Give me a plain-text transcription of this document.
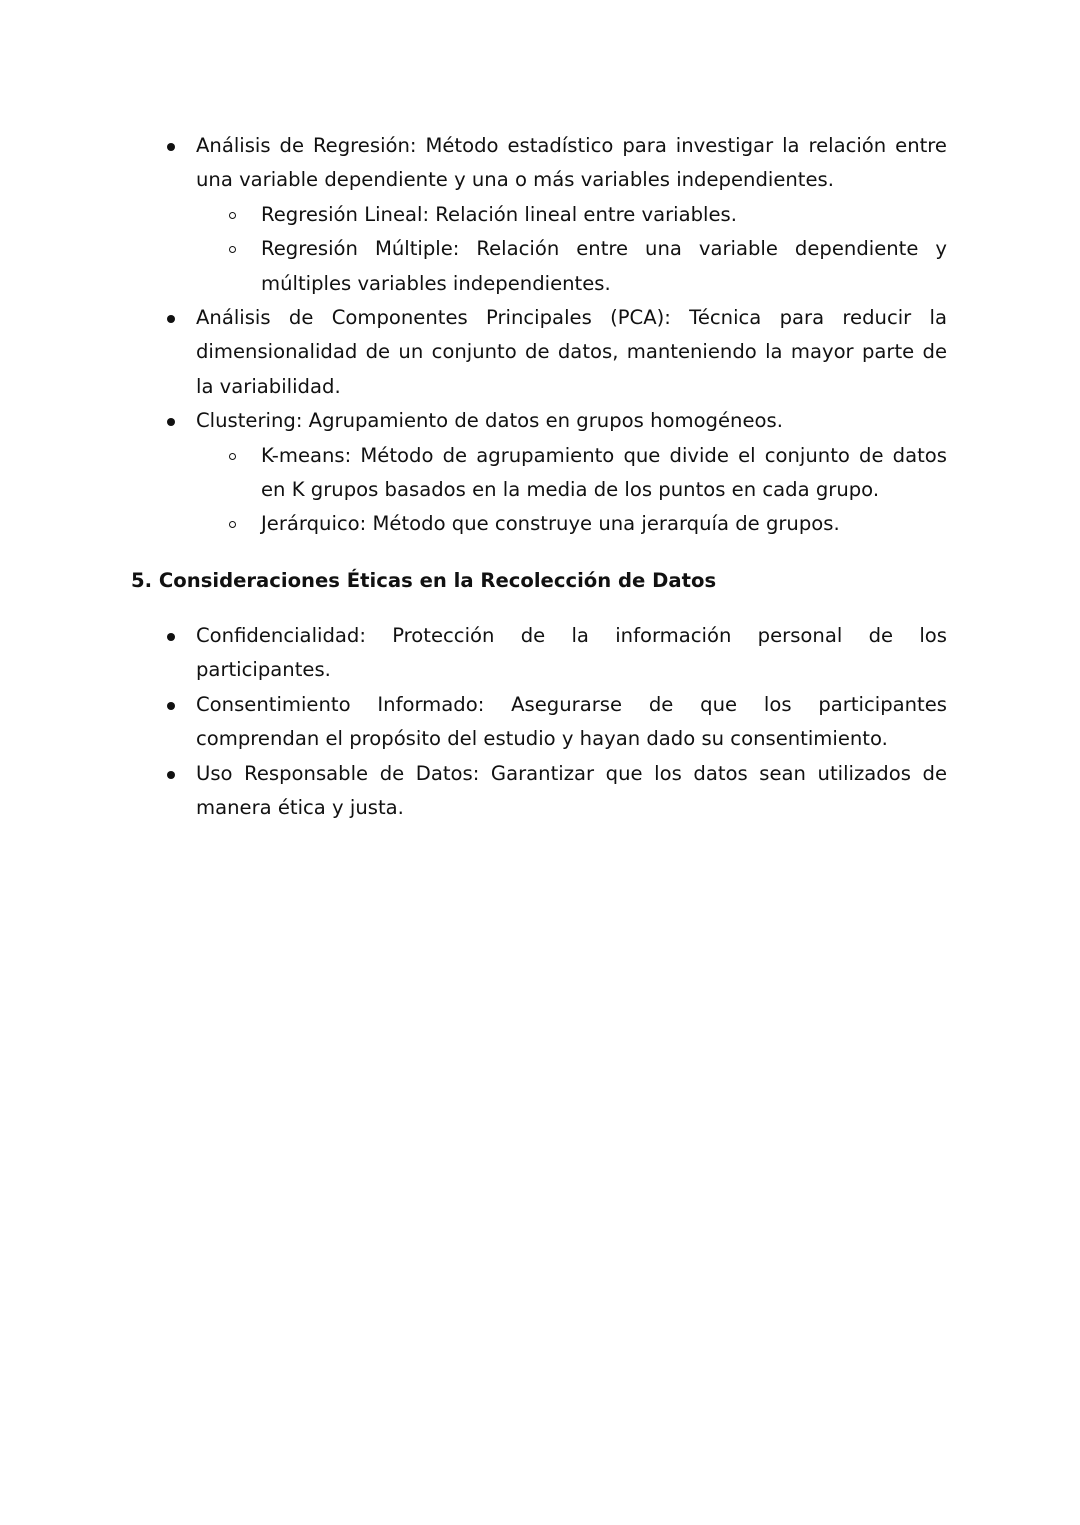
Análisis de Regresión: Método estadístico para investigar la relación entre una variable dependiente y una o más variables independientes.
Regresión Lineal: Relación lineal entre variables.
Regresión Múltiple: Relación entre una variable dependiente y múltiples variables independientes.
Análisis de Componentes Principales (PCA): Técnica para reducir la dimensionalidad de un conjunto de datos, manteniendo la mayor parte de la variabilidad.
Clustering: Agrupamiento de datos en grupos homogéneos.
K-means: Método de agrupamiento que divide el conjunto de datos en K grupos basados en la media de los puntos en cada grupo.
Jerárquico: Método que construye una jerarquía de grupos.
5. Consideraciones Éticas en la Recolección de Datos
Confidencialidad: Protección de la información personal de los participantes.
Consentimiento Informado: Asegurarse de que los participantes comprendan el propósito del estudio y hayan dado su consentimiento.
Uso Responsable de Datos: Garantizar que los datos sean utilizados de manera ética y justa.
